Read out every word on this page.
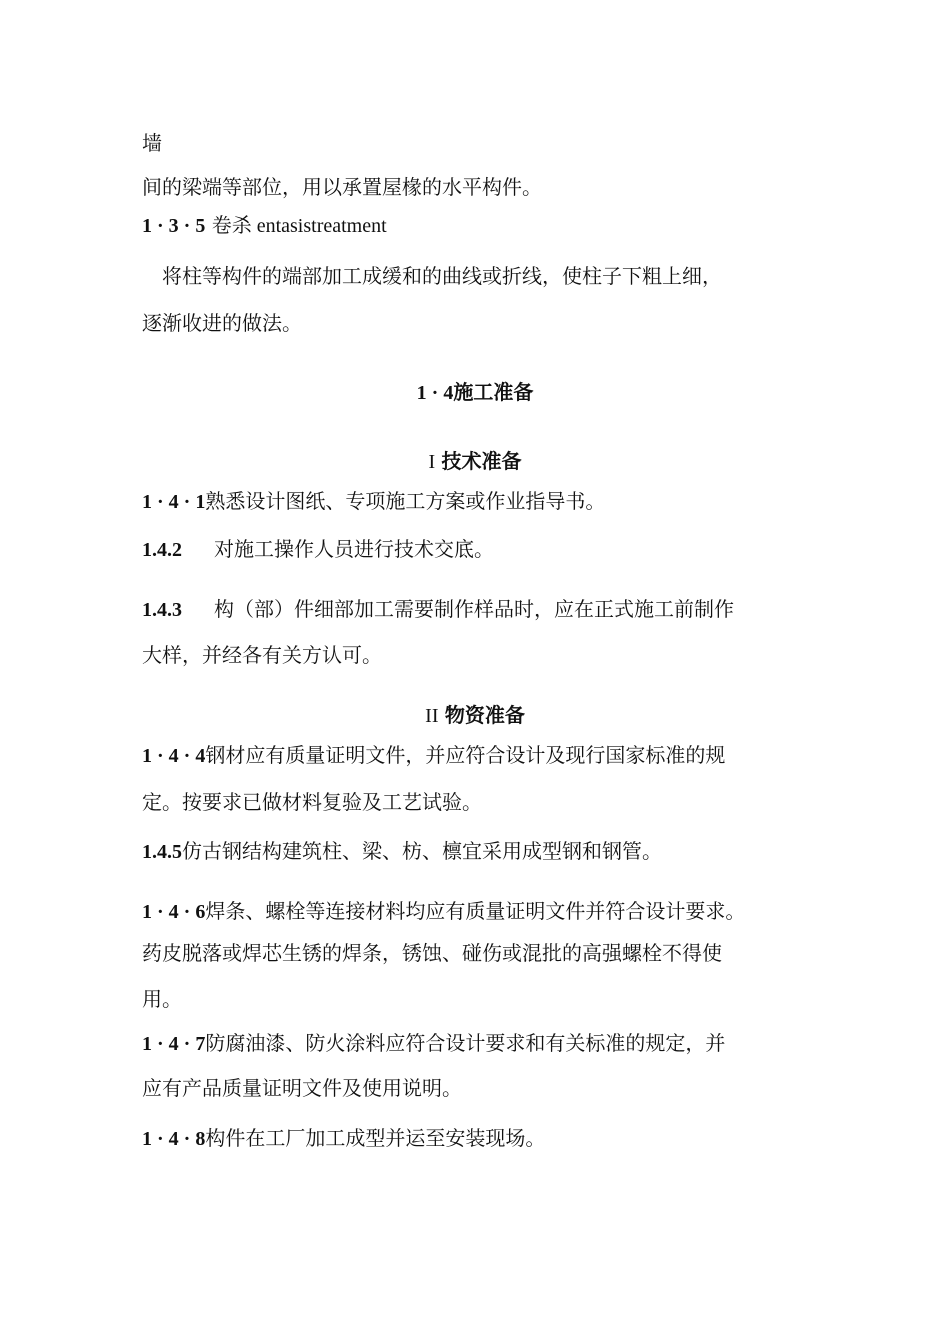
墙
间的梁端等部位，用以承置屋椽的水平构件。
1 · 3 · 5 卷杀 entasistreatment
将柱等构件的端部加工成缓和的曲线或折线，使柱子下粗上细，
逐渐收进的做法。
1 · 4施工准备
I 技术准备
1 · 4 · 1熟悉设计图纸、专项施工方案或作业指导书。
1.4.2 对施工操作人员进行技术交底。
1.4.3 构（部）件细部加工需要制作样品时，应在正式施工前制作
大样，并经各有关方认可。
II 物资准备
1 · 4 · 4钢材应有质量证明文件，并应符合设计及现行国家标准的规
定。按要求已做材料复验及工艺试验。
1.4.5仿古钢结构建筑柱、梁、枋、檩宜采用成型钢和钢管。
1 · 4 · 6焊条、螺栓等连接材料均应有质量证明文件并符合设计要求。
药皮脱落或焊芯生锈的焊条，锈蚀、碰伤或混批的高强螺栓不得使
用。
1 · 4 · 7防腐油漆、防火涂料应符合设计要求和有关标准的规定，并
应有产品质量证明文件及使用说明。
1 · 4 · 8构件在工厂加工成型并运至安装现场。
